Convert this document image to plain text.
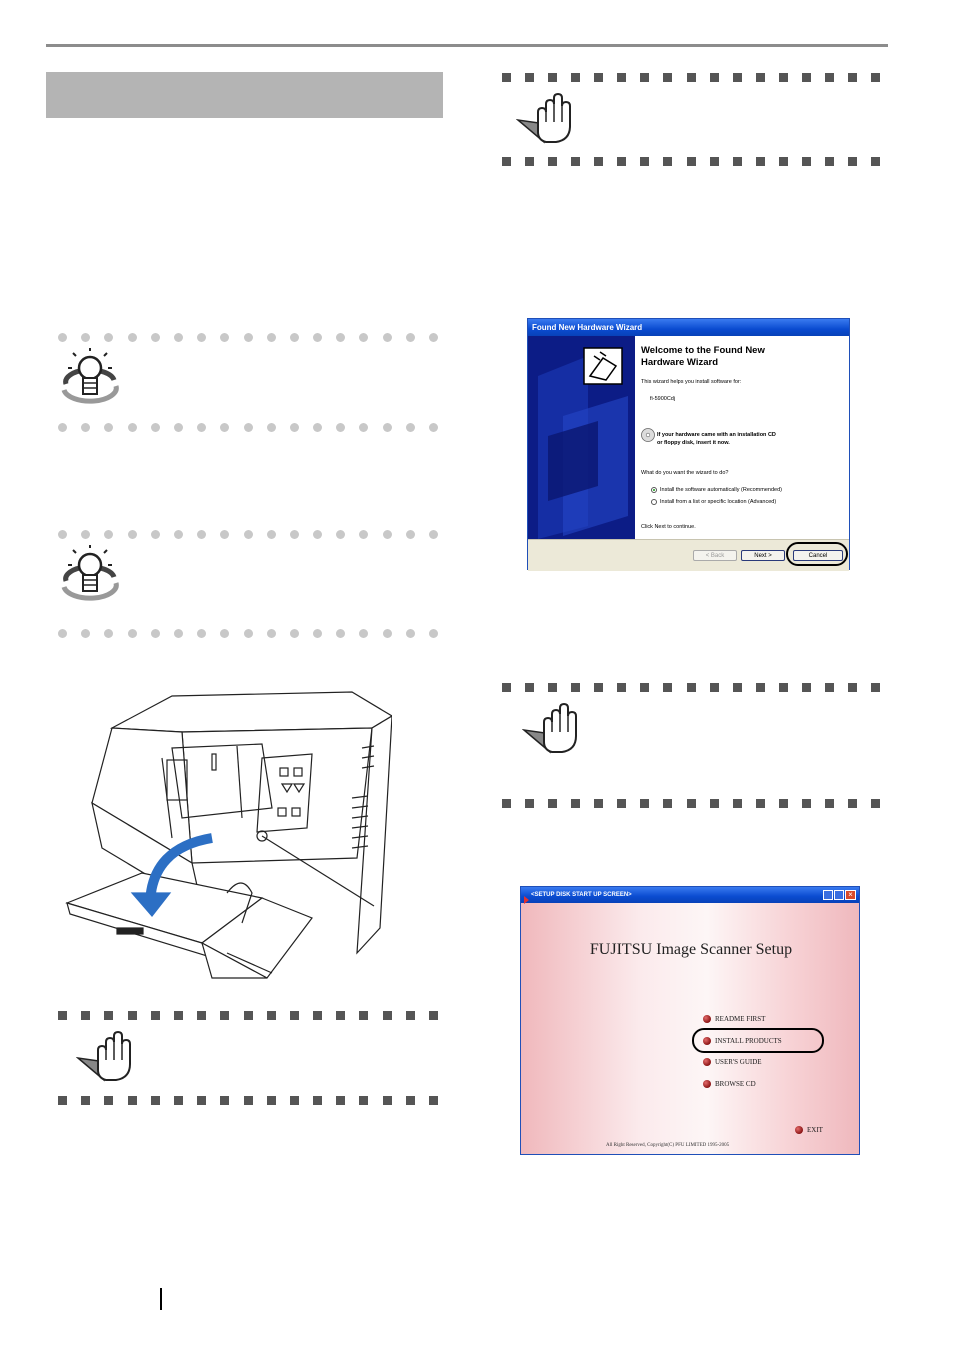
Found New Hardware Wizard
Welcome to the Found New
Hardware Wizard
This wizard helps you install software for:
fi-5900Cdj
If your hardware came with an installation CD
or floppy disk, insert it now.
What do you want the wizard to do?
Install the software automatically (Recommended)
Install from a list or specific location (Advanced)
Click Next to continue.
< Back	Next >	Cancel
<SETUP DISK START UP SCREEN>	×
FUJITSU Image Scanner Setup
README FIRST
INSTALL PRODUCTS
USER'S GUIDE
BROWSE CD
EXIT
All Right Reserved, Copyright(C) PFU LIMITED 1995-2005
